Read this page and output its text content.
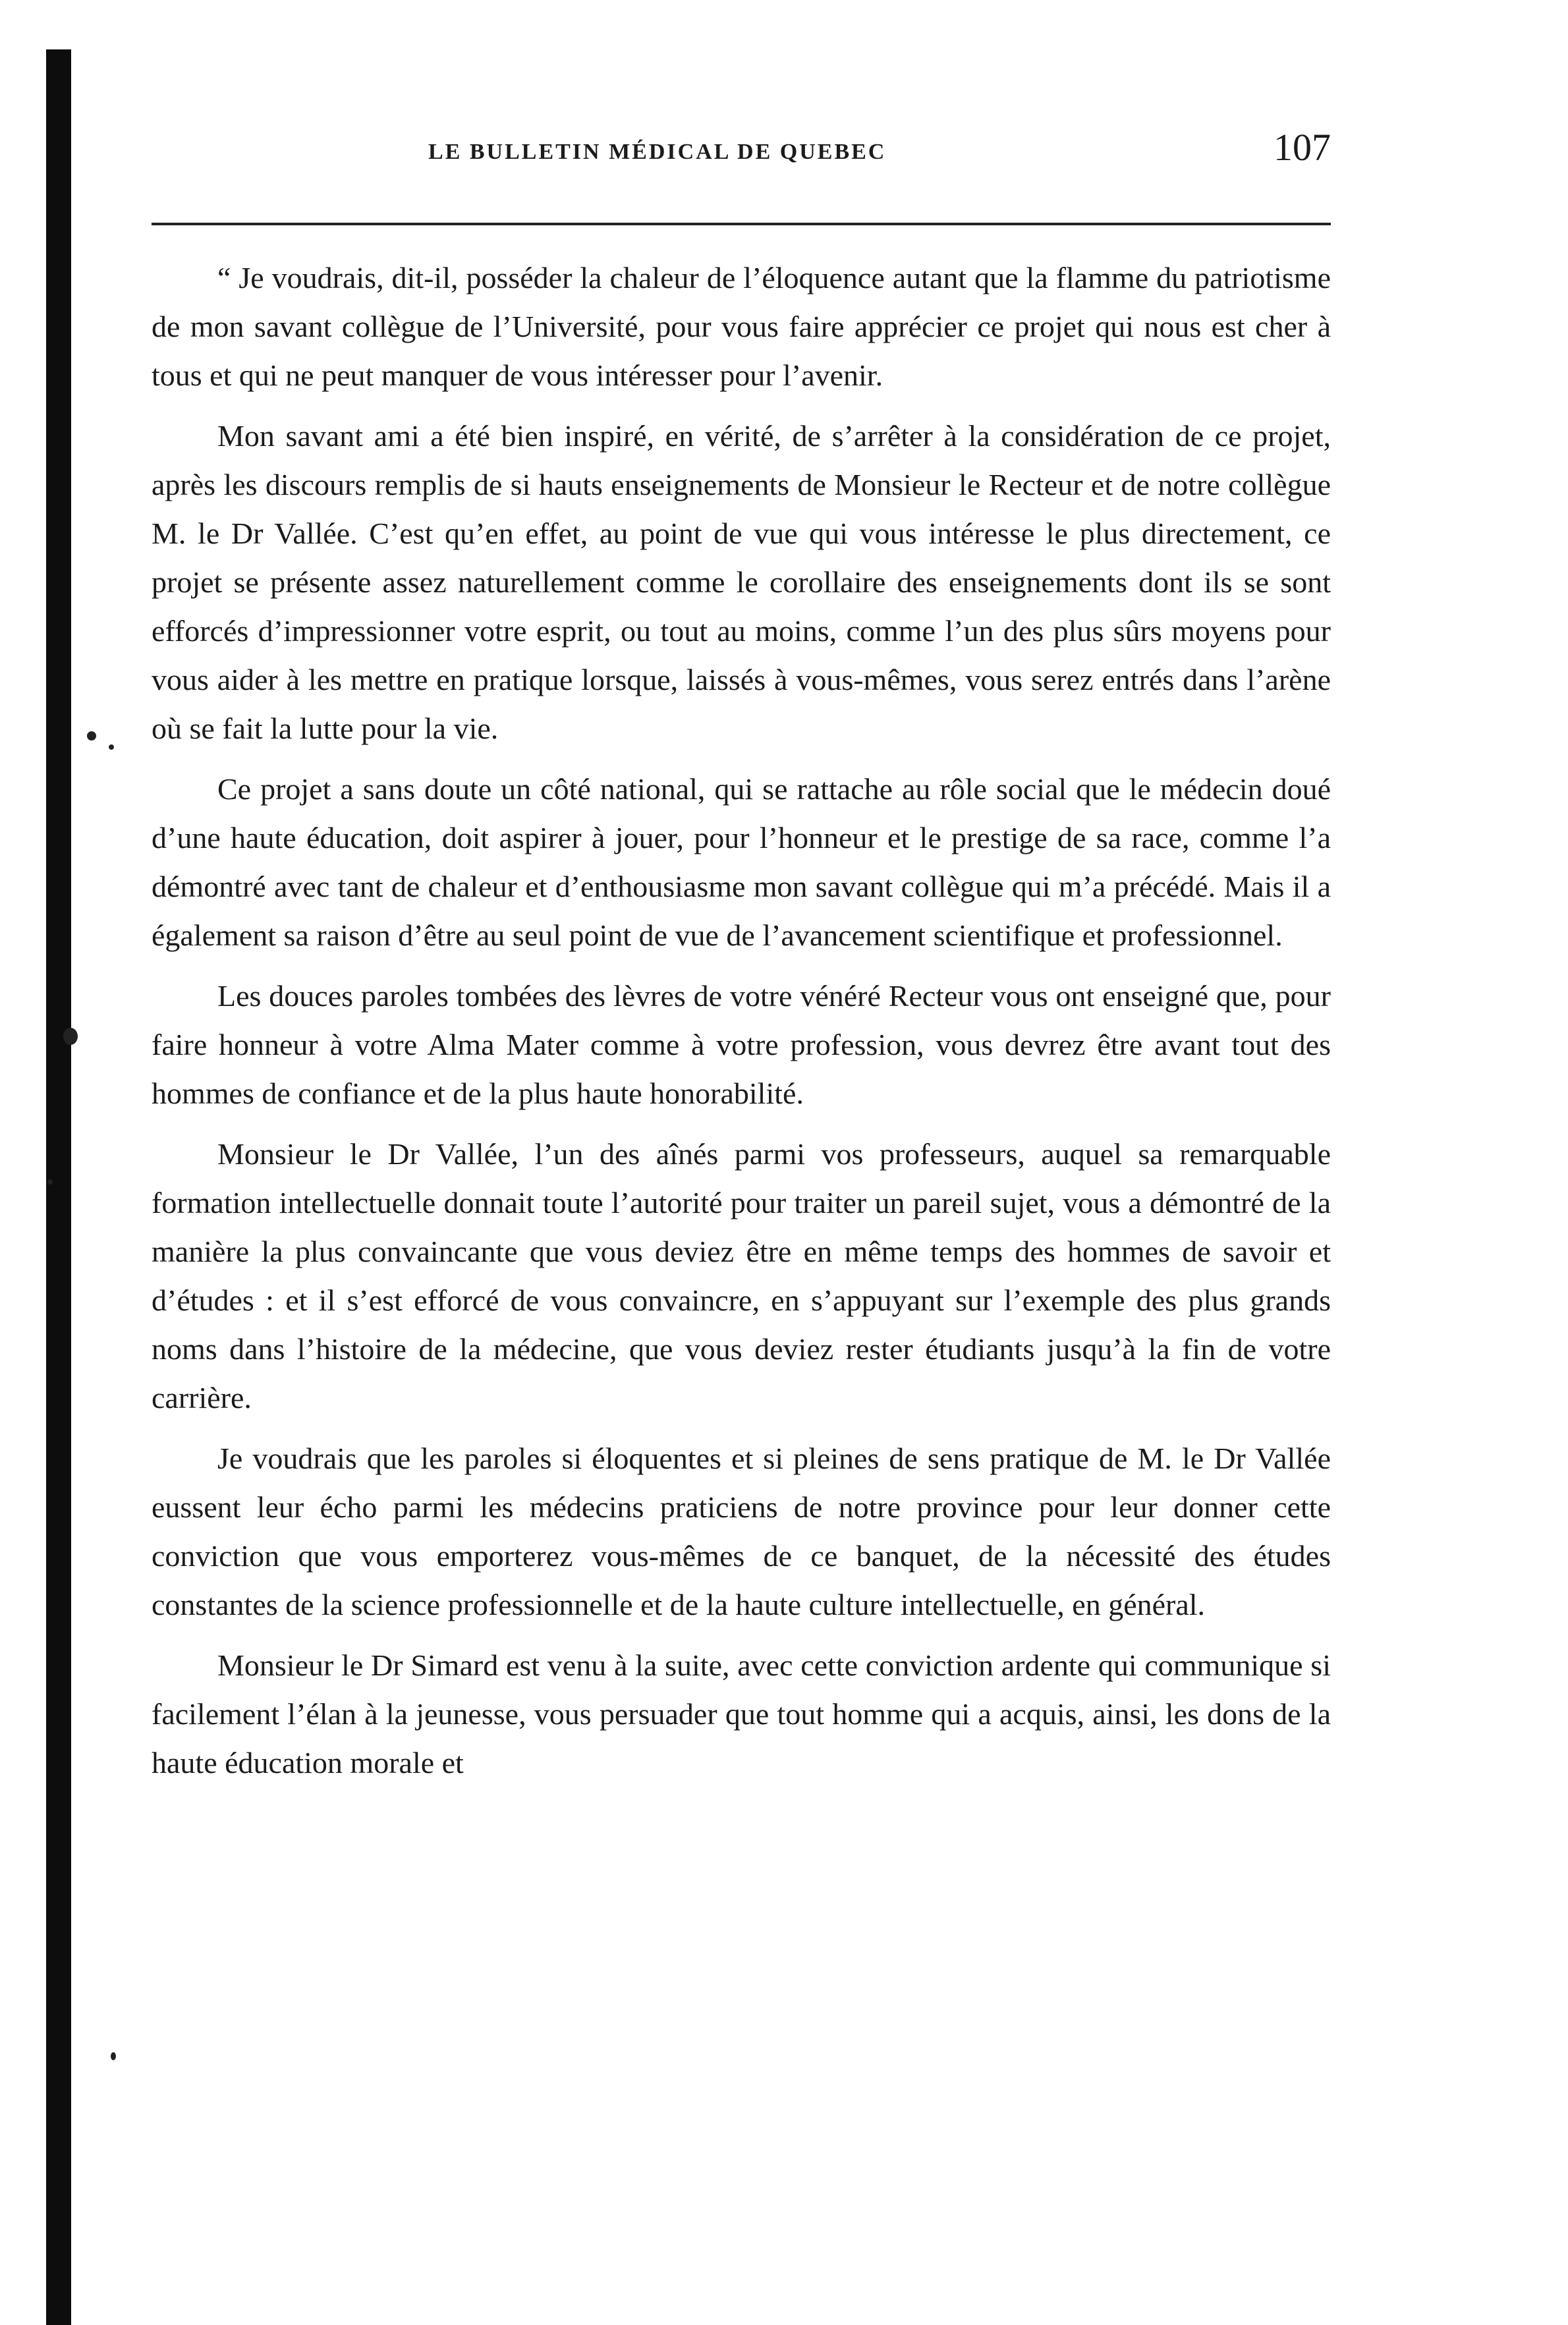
LE BULLETIN MÉDICAL DE QUEBEC	107

“ Je voudrais, dit-il, posséder la chaleur de l’éloquence autant que la flamme du patriotisme de mon savant collègue de l’Université, pour vous faire apprécier ce projet qui nous est cher à tous et qui ne peut manquer de vous intéresser pour l’avenir.

Mon savant ami a été bien inspiré, en vérité, de s’arrêter à la considération de ce projet, après les discours remplis de si hauts enseignements de Monsieur le Recteur et de notre collègue M. le Dr Vallée. C’est qu’en effet, au point de vue qui vous intéresse le plus directement, ce projet se présente assez naturellement comme le corollaire des enseignements dont ils se sont efforcés d’impressionner votre esprit, ou tout au moins, comme l’un des plus sûrs moyens pour vous aider à les mettre en pratique lorsque, laissés à vous-mêmes, vous serez entrés dans l’arène où se fait la lutte pour la vie.

Ce projet a sans doute un côté national, qui se rattache au rôle social que le médecin doué d’une haute éducation, doit aspirer à jouer, pour l’honneur et le prestige de sa race, comme l’a démontré avec tant de chaleur et d’enthousiasme mon savant collègue qui m’a précédé. Mais il a également sa raison d’être au seul point de vue de l’avancement scientifique et professionnel.

Les douces paroles tombées des lèvres de votre vénéré Recteur vous ont enseigné que, pour faire honneur à votre Alma Mater comme à votre profession, vous devrez être avant tout des hommes de confiance et de la plus haute honorabilité.

Monsieur le Dr Vallée, l’un des aînés parmi vos professeurs, auquel sa remarquable formation intellectuelle donnait toute l’autorité pour traiter un pareil sujet, vous a démontré de la manière la plus convaincante que vous deviez être en même temps des hommes de savoir et d’études : et il s’est efforcé de vous convaincre, en s’appuyant sur l’exemple des plus grands noms dans l’histoire de la médecine, que vous deviez rester étudiants jusqu’à la fin de votre carrière.

Je voudrais que les paroles si éloquentes et si pleines de sens pratique de M. le Dr Vallée eussent leur écho parmi les médecins praticiens de notre province pour leur donner cette conviction que vous emporterez vous-mêmes de ce banquet, de la nécessité des études constantes de la science professionnelle et de la haute culture intellectuelle, en général.

Monsieur le Dr Simard est venu à la suite, avec cette conviction ardente qui communique si facilement l’élan à la jeunesse, vous persuader que tout homme qui a acquis, ainsi, les dons de la haute éducation morale et
